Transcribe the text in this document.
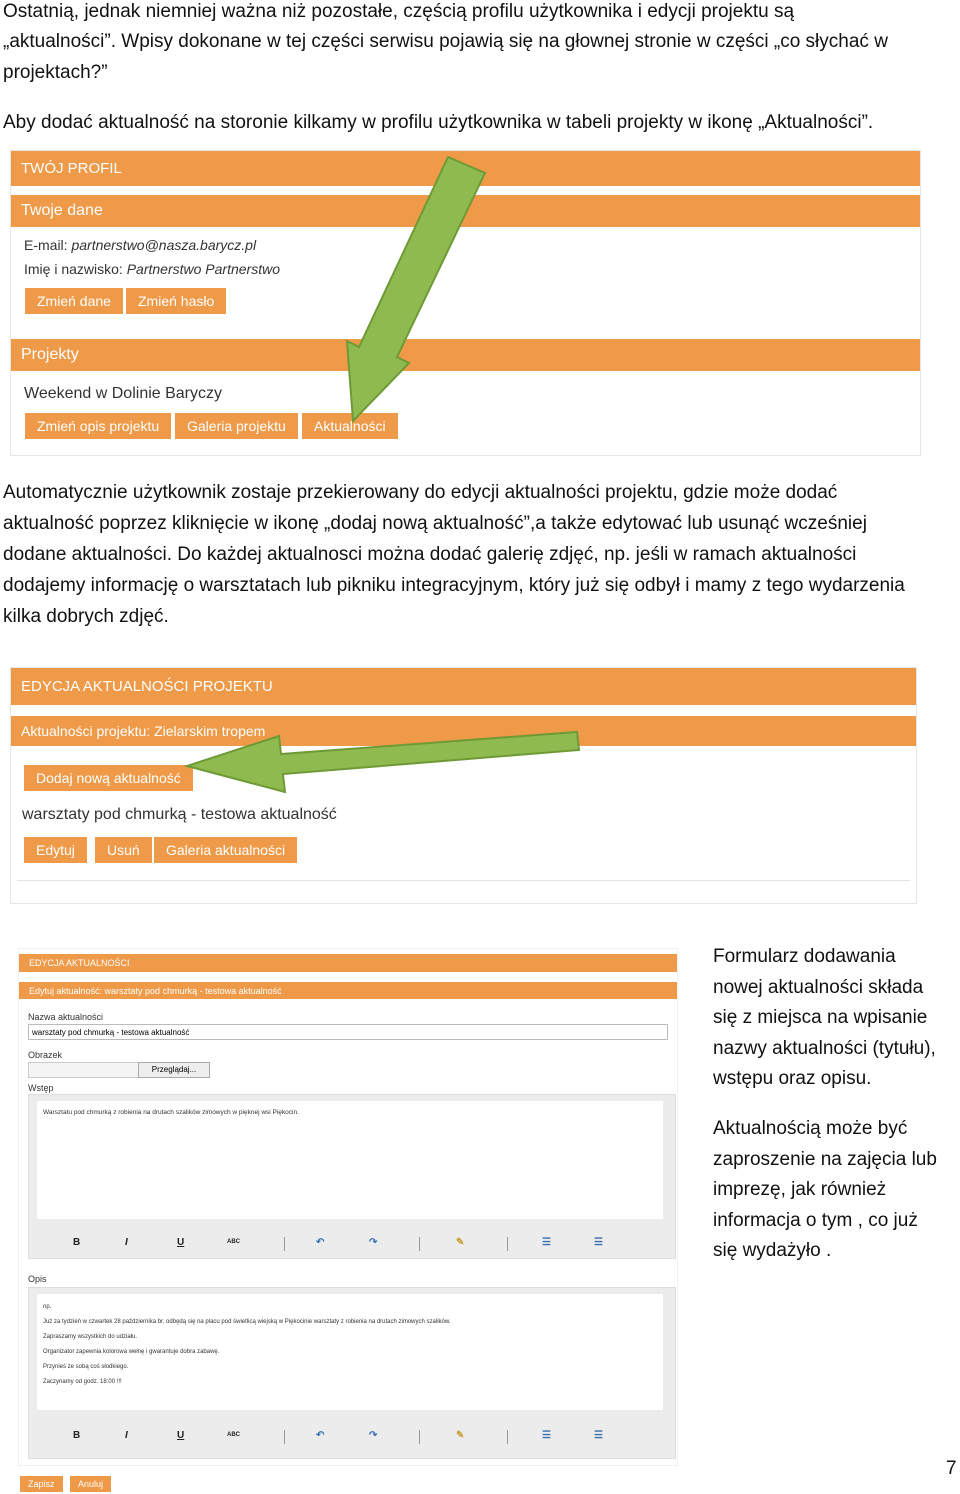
Ostatnią, jednak niemniej ważna niż pozostałe, częścią profilu użytkownika i edycji projektu są

„aktualności”. Wpisy dokonane w tej części serwisu pojawią się na głownej stronie w części „co słychać w

projektach?”

Aby dodać aktualność na storonie kilkamy w profilu użytkownika w tabeli projekty w ikonę „Aktualności”.

TWÓJ PROFIL
Twoje dane
E-mail: partnerstwo@nasza.barycz.pl
Imię i nazwisko: Partnerstwo Partnerstwo
Zmień dane	Zmień hasło
Projekty
Weekend w Dolinie Baryczy
Zmień opis projektu	Galeria projektu	Aktualności

Automatycznie użytkownik zostaje przekierowany do edycji aktualności projektu, gdzie może dodać

aktualność poprzez kliknięcie w ikonę „dodaj nową aktualność”,a także edytować lub usunąć wcześniej

dodane aktualności. Do każdej aktualnosci można dodać galerię zdjęć, np. jeśli w ramach aktualności

dodajemy informację o warsztatach lub pikniku integracyjnym, który już się odbył i mamy z tego wydarzenia

kilka dobrych zdjęć.

EDYCJA AKTUALNOŚCI PROJEKTU
Aktualności projektu: Zielarskim tropem
Dodaj nową aktualność
warsztaty pod chmurką - testowa aktualność
Edytuj	Usuń	Galeria aktualności
EDYCJA AKTUALNOŚCI
Edytuj aktualność: warsztaty pod chmurką - testowa aktualność
Nazwa aktualności
warsztaty pod chmurką - testowa aktualność
Obrazek
Przeglądaj...
Wstęp
Warsztatu pod chmurką z robienia na drutach szalików zimowych w pięknej wsi Piękocin.
B	I	U	ABC	↶	↷	✎	☰	☰
Opis
np.
Już za tydzień w czwartek 28 października br. odbędą się na placu pod świetlicą wiejską w Piękocinie warsztaty z robienia na drutach zimowych szalików.
Zapraszamy wszystkich do udziału.
Organizator zapewnia kolorowa wełnę i gwarantuje dobra zabawę.
Przynieś ze sobą coś słodkiego.
Zaczynamy od godz. 18:00 !!!
B	I	U	ABC	↶	↷	✎	☰	☰
Zapisz	Anuluj
Formularz dodawania
nowej aktualności składa
się z miejsca na wpisanie
nazwy aktualności (tytułu),
wstępu oraz opisu.
Aktualnością może być
zaproszenie na zajęcia lub
imprezę, jak również
informacja o tym , co już
się wydażyło .
7
